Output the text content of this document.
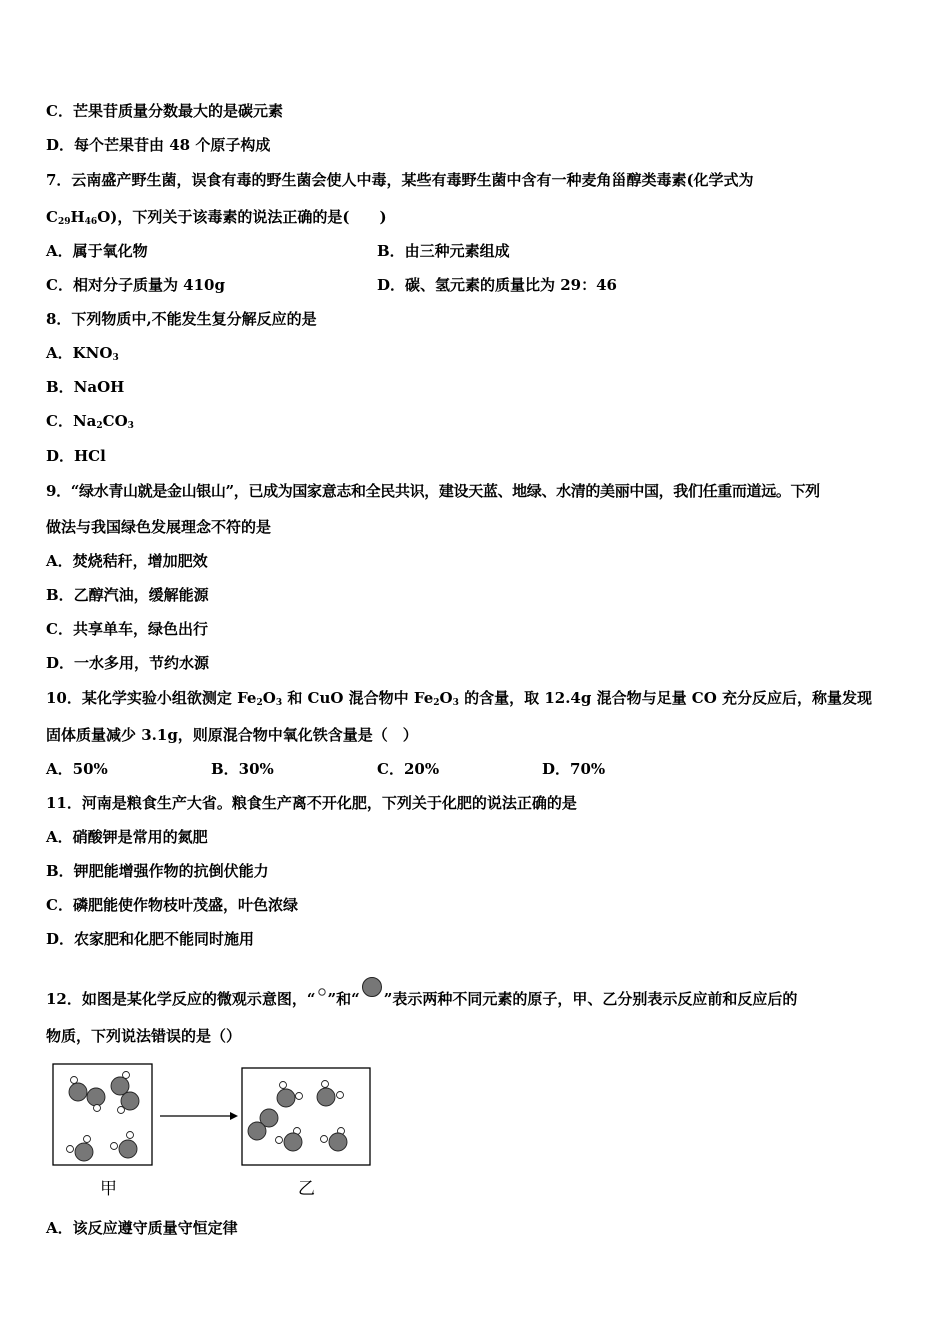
C．芒果苷质量分数最大的是碳元素
D．每个芒果苷由 48 个原子构成
7．云南盛产野生菌，误食有毒的野生菌会使人中毒，某些有毒野生菌中含有一种麦角甾醇类毒素(化学式为
$C_{29}H_{46}O$)，下列关于该毒素的说法正确的是(　　)
A．属于氧化物	B．由三种元素组成
C．相对分子质量为 410g	D．碳、氢元素的质量比为 29：46
8．下列物质中,不能发生复分解反应的是
A．$KNO_3$
B．NaOH
C．$Na_2CO_3$
D．HCl
9．“绿水青山就是金山银山”，已成为国家意志和全民共识，建设天蓝、地绿、水清的美丽中国，我们任重而道远。下列
做法与我国绿色发展理念不符的是
A．焚烧秸秆，增加肥效
B．乙醇汽油，缓解能源
C．共享单车，绿色出行
D．一水多用，节约水源
10．某化学实验小组欲测定 $Fe_2O_3$ 和 CuO 混合物中 $Fe_2O_3$ 的含量，取 12.4g 混合物与足量 CO 充分反应后，称量发现
固体质量减少 3.1g，则原混合物中氧化铁含量是（　）
A．50%	B．30%	C．20%	D．70%
11．河南是粮食生产大省。粮食生产离不开化肥，下列关于化肥的说法正确的是
A．硝酸钾是常用的氮肥
B．钾肥能增强作物的抗倒伏能力
C．磷肥能使作物枝叶茂盛，叶色浓绿
D．农家肥和化肥不能同时施用
12．如图是某化学反应的微观示意图，“ ”和“ ”表示两种不同元素的原子，甲、乙分别表示反应前和反应后的
物质，下列说法错误的是（）
甲	乙
A．该反应遵守质量守恒定律
